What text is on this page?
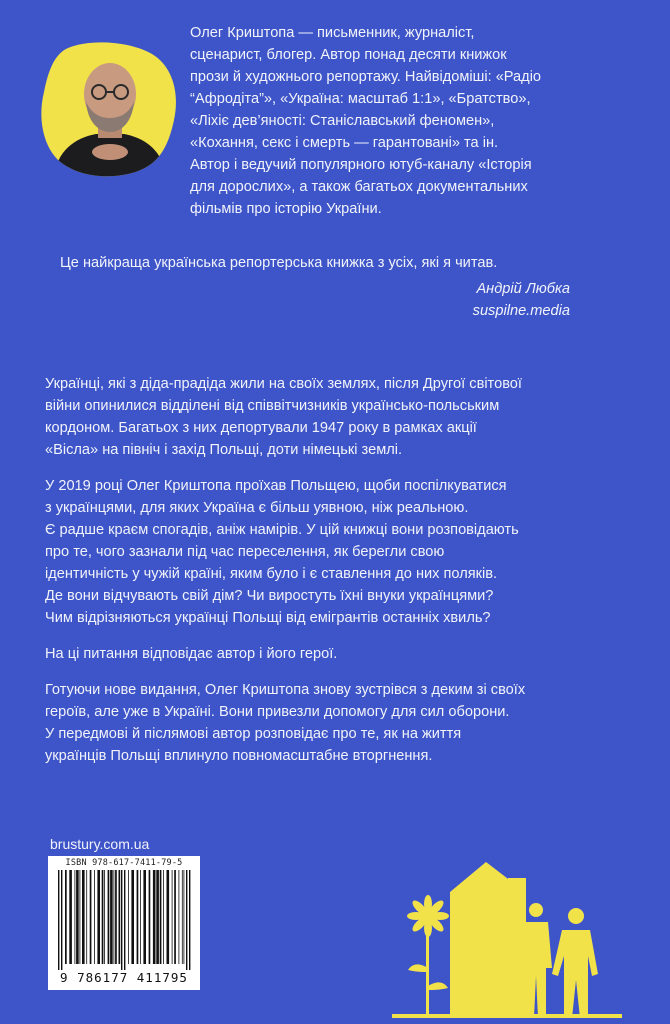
Олег Криштопа — письменник, журналіст,
сценарист, блогер. Автор понад десяти книжок
прози й художнього репортажу. Найвідоміші: «Радіо
“Афродіта”», «Україна: масштаб 1:1», «Братство»,
«Ліхіє дев’яності: Станіславський феномен»,
«Кохання, секс і смерть — гарантовані» та ін.
Автор і ведучий популярного ютуб-каналу «Історія
для дорослих», а також багатьох документальних
фільмів про історію України.

Це найкраща українська репортерська книжка з усіх, які я читав.

Андрій Любка
suspilne.media

Українці, які з діда-прадіда жили на своїх землях, після Другої світової
війни опинилися відділені від співвітчизників українсько-польським
кордоном. Багатьох з них депортували 1947 року в рамках акції
«Вісла» на північ і захід Польщі, доти німецькі землі.

У 2019 році Олег Криштопа проїхав Польщею, щоби поспілкуватися
з українцями, для яких Україна є більш уявною, ніж реальною.
Є радше краєм спогадів, аніж намірів. У цій книжці вони розповідають
про те, чого зазнали під час переселення, як берегли свою
ідентичність у чужій країні, яким було і є ставлення до них поляків.
Де вони відчувають свій дім? Чи виростуть їхні внуки українцями?
Чим відрізняються українці Польщі від емігрантів останніх хвиль?

На ці питання відповідає автор і його герої.

Готуючи нове видання, Олег Криштопа знову зустрівся з деким зі своїх
героїв, але уже в Україні. Вони привезли допомогу для сил оборони.
У передмові й післямові автор розповідає про те, як на життя
українців Польщі вплинуло повномасштабне вторгнення.

brustury.com.ua
ISBN 978-617-7411-79-5
9 786177 411795
